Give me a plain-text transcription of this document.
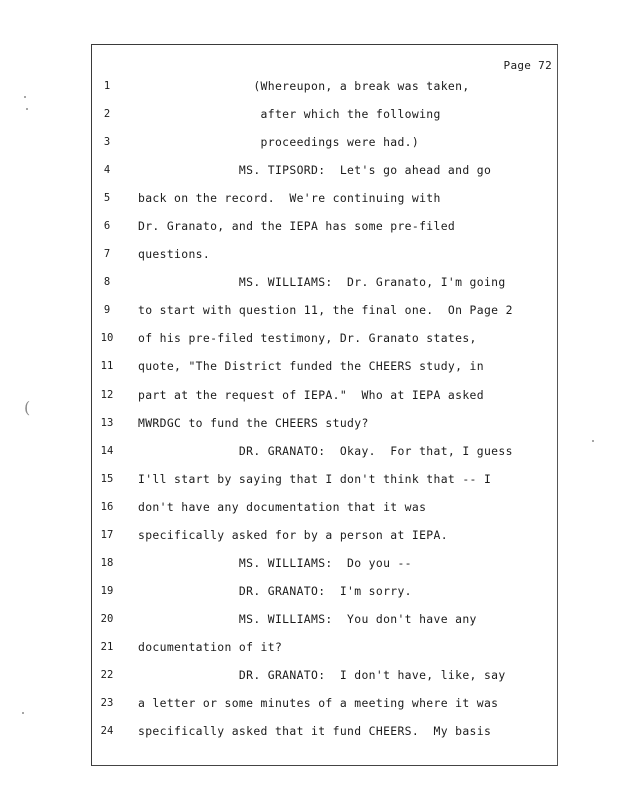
Page 72
1	(Whereupon, a break was taken,
2	after which the following
3	proceedings were had.)
4	MS. TIPSORD:  Let's go ahead and go
5	back on the record.  We're continuing with
6	Dr. Granato, and the IEPA has some pre-filed
7	questions.
8	MS. WILLIAMS:  Dr. Granato, I'm going
9	to start with question 11, the final one.  On Page 2
10	of his pre-filed testimony, Dr. Granato states,
11	quote, "The District funded the CHEERS study, in
12	part at the request of IEPA."  Who at IEPA asked
13	MWRDGC to fund the CHEERS study?
14	DR. GRANATO:  Okay.  For that, I guess
15	I'll start by saying that I don't think that -- I
16	don't have any documentation that it was
17	specifically asked for by a person at IEPA.
18	MS. WILLIAMS:  Do you --
19	DR. GRANATO:  I'm sorry.
20	MS. WILLIAMS:  You don't have any
21	documentation of it?
22	DR. GRANATO:  I don't have, like, say
23	a letter or some minutes of a meeting where it was
24	specifically asked that it fund CHEERS.  My basis
(
